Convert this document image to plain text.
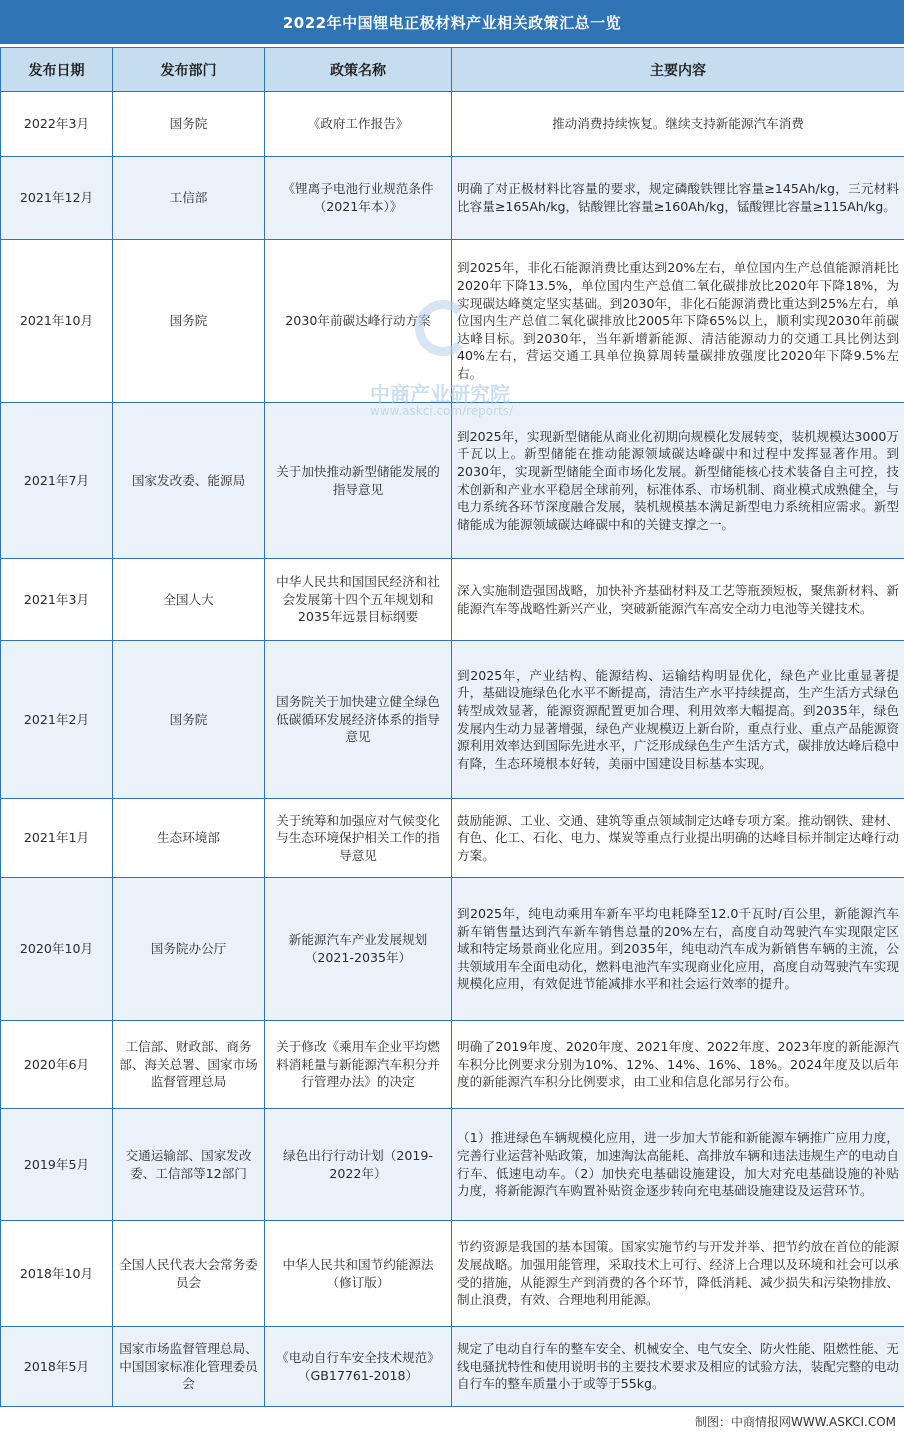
2022年中国锂电正极材料产业相关政策汇总一览
发布日期	发布部门	政策名称	主要内容
2022年3月	国务院	《政府工作报告》	推动消费持续恢复。继续支持新能源汽车消费
2021年12月	工信部	《锂离子电池行业规范条件（2021年本）》	明确了对正极材料比容量的要求，规定磷酸铁锂比容量≥145Ah/kg，三元材料比容量≥165Ah/kg，钴酸锂比容量≥160Ah/kg，锰酸锂比容量≥115Ah/kg。
2021年10月	国务院	2030年前碳达峰行动方案	到2025年，非化石能源消费比重达到20%左右，单位国内生产总值能源消耗比2020年下降13.5%，单位国内生产总值二氧化碳排放比2020年下降18%，为实现碳达峰奠定坚实基础。到2030年，非化石能源消费比重达到25%左右，单位国内生产总值二氧化碳排放比2005年下降65%以上，顺利实现2030年前碳达峰目标。到2030年，当年新增新能源、清洁能源动力的交通工具比例达到40%左右，营运交通工具单位换算周转量碳排放强度比2020年下降9.5%左右。
2021年7月	国家发改委、能源局	关于加快推动新型储能发展的指导意见	到2025年，实现新型储能从商业化初期向规模化发展转变，装机规模达3000万千瓦以上。新型储能在推动能源领域碳达峰碳中和过程中发挥显著作用。到2030年，实现新型储能全面市场化发展。新型储能核心技术装备自主可控，技术创新和产业水平稳居全球前列，标准体系、市场机制、商业模式成熟健全，与电力系统各环节深度融合发展，装机规模基本满足新型电力系统相应需求。新型储能成为能源领域碳达峰碳中和的关键支撑之一。
2021年3月	全国人大	中华人民共和国国民经济和社会发展第十四个五年规划和2035年远景目标纲要	深入实施制造强国战略，加快补齐基础材料及工艺等瓶颈短板，聚焦新材料、新能源汽车等战略性新兴产业，突破新能源汽车高安全动力电池等关键技术。
2021年2月	国务院	国务院关于加快建立健全绿色低碳循环发展经济体系的指导意见	到2025年，产业结构、能源结构、运输结构明显优化，绿色产业比重显著提升，基础设施绿色化水平不断提高，清洁生产水平持续提高，生产生活方式绿色转型成效显著，能源资源配置更加合理、利用效率大幅提高。到2035年，绿色发展内生动力显著增强，绿色产业规模迈上新台阶，重点行业、重点产品能源资源利用效率达到国际先进水平，广泛形成绿色生产生活方式，碳排放达峰后稳中有降，生态环境根本好转，美丽中国建设目标基本实现。
2021年1月	生态环境部	关于统筹和加强应对气候变化与生态环境保护相关工作的指导意见	鼓励能源、工业、交通、建筑等重点领域制定达峰专项方案。推动钢铁、建材、有色、化工、石化、电力、煤炭等重点行业提出明确的达峰目标并制定达峰行动方案。
2020年10月	国务院办公厅	新能源汽车产业发展规划（2021-2035年）	到2025年，纯电动乘用车新车平均电耗降至12.0千瓦时/百公里，新能源汽车新车销售量达到汽车新车销售总量的20%左右，高度自动驾驶汽车实现限定区域和特定场景商业化应用。到2035年，纯电动汽车成为新销售车辆的主流，公共领域用车全面电动化，燃料电池汽车实现商业化应用，高度自动驾驶汽车实现规模化应用，有效促进节能减排水平和社会运行效率的提升。
2020年6月	工信部、财政部、商务部、海关总署、国家市场监督管理总局	关于修改《乘用车企业平均燃料消耗量与新能源汽车积分并行管理办法》的决定	明确了2019年度、2020年度、2021年度、2022年度、2023年度的新能源汽车积分比例要求分别为10%、12%、14%、16%、18%。2024年度及以后年度的新能源汽车积分比例要求，由工业和信息化部另行公布。
2019年5月	交通运输部、国家发改委、工信部等12部门	绿色出行行动计划（2019-2022年）	（1）推进绿色车辆规模化应用，进一步加大节能和新能源车辆推广应用力度，完善行业运营补贴政策，加速淘汰高能耗、高排放车辆和违法违规生产的电动自行车、低速电动车。（2）加快充电基础设施建设，加大对充电基础设施的补贴力度，将新能源汽车购置补贴资金逐步转向充电基础设施建设及运营环节。
2018年10月	全国人民代表大会常务委员会	中华人民共和国节约能源法（修订版）	节约资源是我国的基本国策。国家实施节约与开发并举、把节约放在首位的能源发展战略。加强用能管理，采取技术上可行、经济上合理以及环境和社会可以承受的措施，从能源生产到消费的各个环节，降低消耗、减少损失和污染物排放、制止浪费，有效、合理地利用能源。
2018年5月	国家市场监督管理总局、中国国家标准化管理委员会	《电动自行车安全技术规范》（GB17761-2018）	规定了电动自行车的整车安全、机械安全、电气安全、防火性能、阻燃性能、无线电骚扰特性和使用说明书的主要技术要求及相应的试验方法，装配完整的电动自行车的整车质量小于或等于55kg。
中商产业研究院
www.askci.com/reports/
制图：中商情报网WWW.ASKCI.COM
